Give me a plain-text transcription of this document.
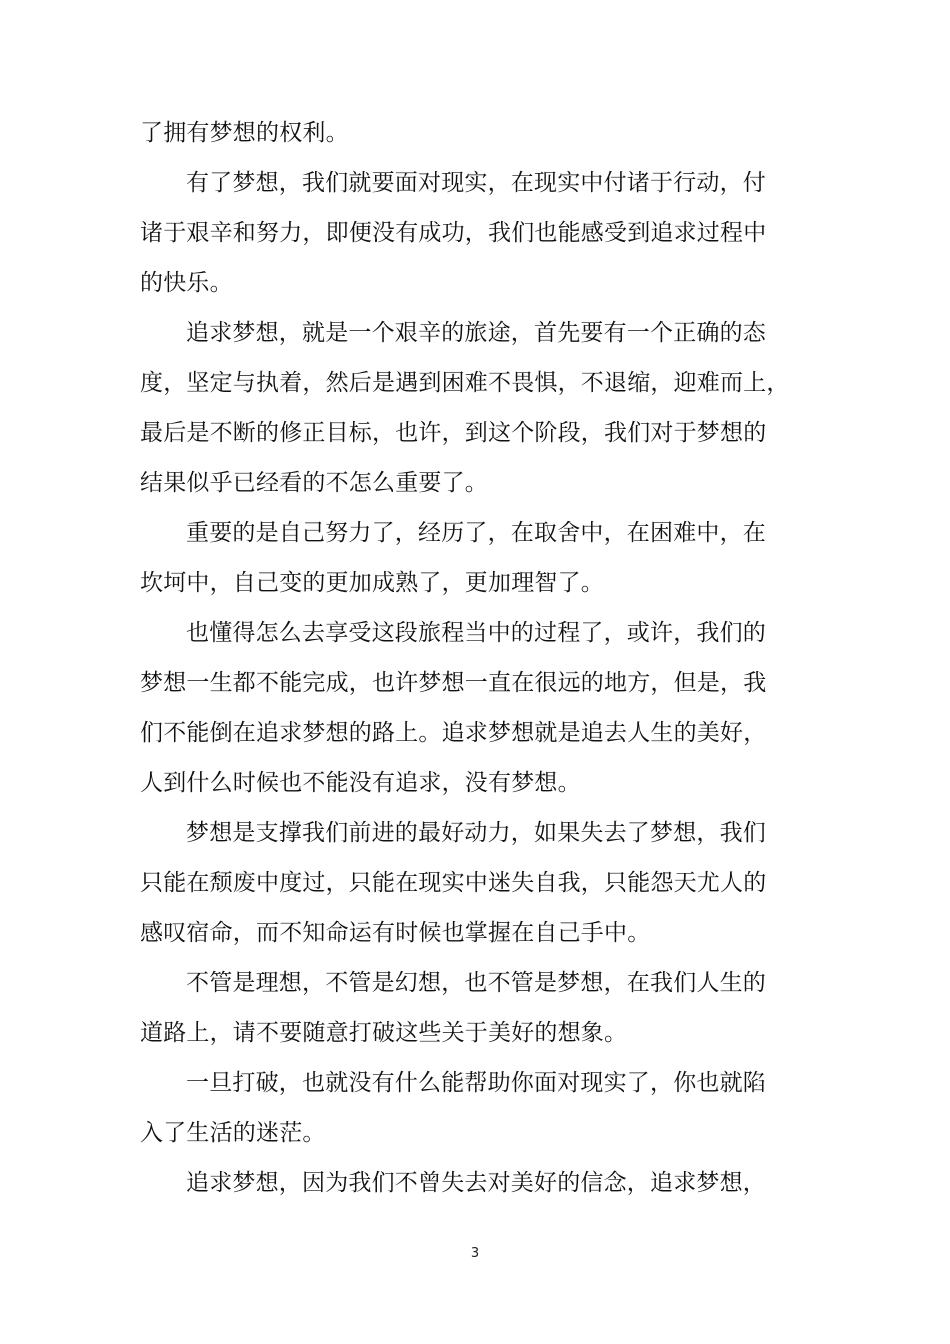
了拥有梦想的权利。
有了梦想，我们就要面对现实，在现实中付诸于行动，付
诸于艰辛和努力，即便没有成功，我们也能感受到追求过程中
的快乐。
追求梦想，就是一个艰辛的旅途，首先要有一个正确的态
度，坚定与执着，然后是遇到困难不畏惧，不退缩，迎难而上，
最后是不断的修正目标，也许，到这个阶段，我们对于梦想的
结果似乎已经看的不怎么重要了。
重要的是自己努力了，经历了，在取舍中，在困难中，在
坎坷中，自己变的更加成熟了，更加理智了。
也懂得怎么去享受这段旅程当中的过程了，或许，我们的
梦想一生都不能完成，也许梦想一直在很远的地方，但是，我
们不能倒在追求梦想的路上。追求梦想就是追去人生的美好，
人到什么时候也不能没有追求，没有梦想。
梦想是支撑我们前进的最好动力，如果失去了梦想，我们
只能在颓废中度过，只能在现实中迷失自我，只能怨天尤人的
感叹宿命，而不知命运有时候也掌握在自己手中。
不管是理想，不管是幻想，也不管是梦想，在我们人生的
道路上，请不要随意打破这些关于美好的想象。
一旦打破，也就没有什么能帮助你面对现实了，你也就陷
入了生活的迷茫。
追求梦想，因为我们不曾失去对美好的信念，追求梦想，
3
